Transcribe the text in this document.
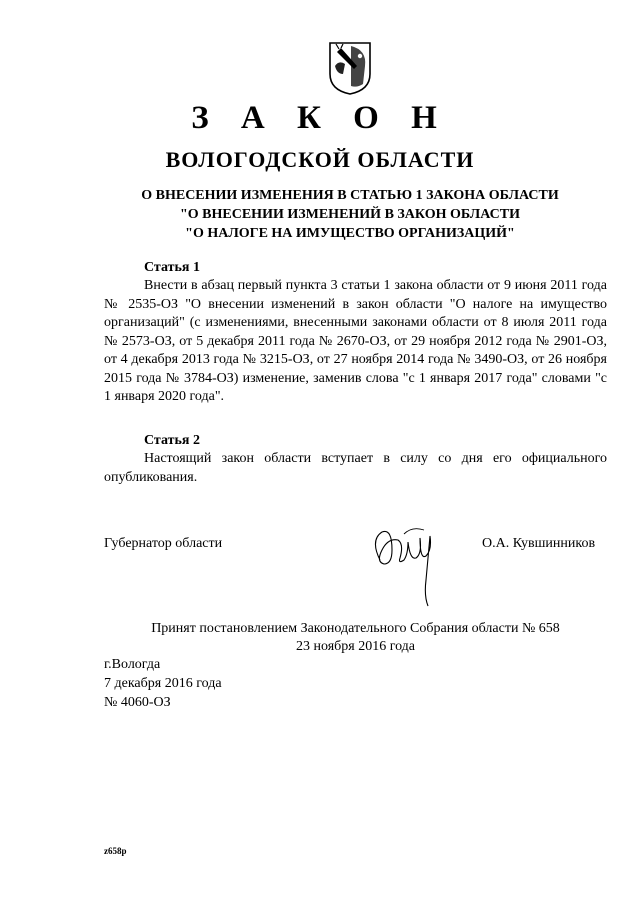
З А К О Н
ВОЛОГОДСКОЙ ОБЛАСТИ
О ВНЕСЕНИИ ИЗМЕНЕНИЯ В СТАТЬЮ 1 ЗАКОНА ОБЛАСТИ
"О ВНЕСЕНИИ ИЗМЕНЕНИЙ В ЗАКОН ОБЛАСТИ
"О НАЛОГЕ НА ИМУЩЕСТВО ОРГАНИЗАЦИЙ"
Статья 1

Внести в абзац первый пункта 3 статьи 1 закона области от 9 июня 2011 года № 2535-ОЗ "О внесении изменений в закон области "О налоге на имущество организаций" (с изменениями, внесенными законами области от 8 июля 2011 года № 2573-ОЗ, от 5 декабря 2011 года № 2670-ОЗ, от 29 ноября 2012 года № 2901-ОЗ, от 4 декабря 2013 года № 3215-ОЗ, от 27 ноября 2014 года № 3490-ОЗ, от 26 ноября 2015 года № 3784-ОЗ) изменение, заменив слова "с 1 января 2017 года" словами "с 1 января 2020 года".

Статья 2

Настоящий закон области вступает в силу со дня его официального опубликования.

Губернатор области	О.А. Кувшинников
Принят постановлением Законодательного Собрания области № 658
23 ноября 2016 года
г.Вологда
7 декабря 2016 года
№ 4060-ОЗ
z658p
